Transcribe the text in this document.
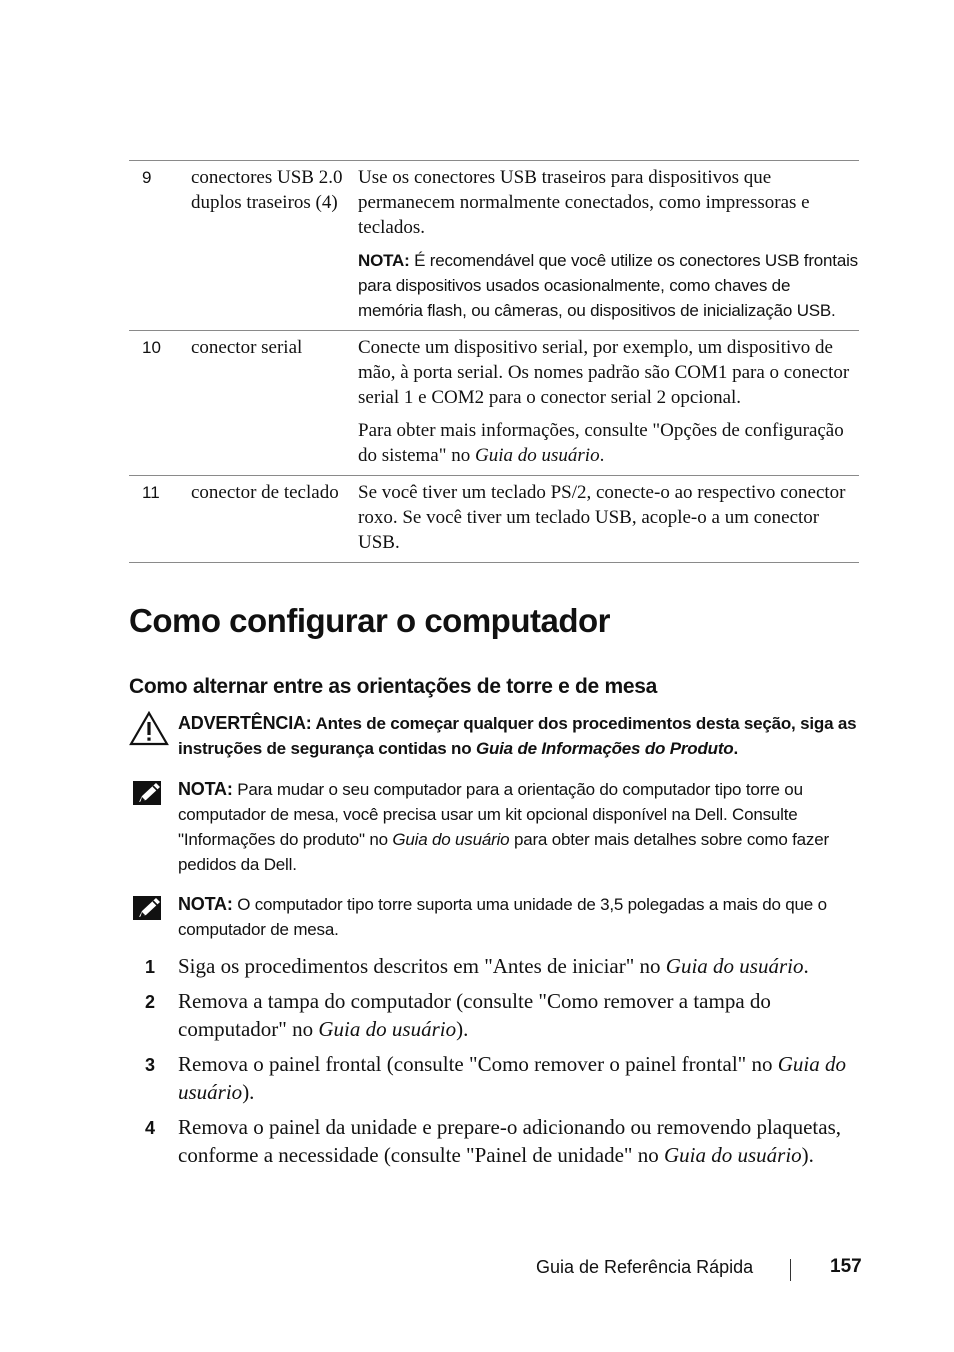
9	conectores USB 2.0 duplos traseiros (4)	Use os conectores USB traseiros para dispositivos que permanecem normalmente conectados, como impressoras e teclados.

NOTA: É recomendável que você utilize os conectores USB frontais para dispositivos usados ocasionalmente, como chaves de memória flash, ou câmeras, ou dispositivos de inicialização USB.

10	conector serial	Conecte um dispositivo serial, por exemplo, um dispositivo de mão, à porta serial. Os nomes padrão são COM1 para o conector serial 1 e COM2 para o conector serial 2 opcional.

Para obter mais informações, consulte "Opções de configuração do sistema" no Guia do usuário.

11	conector de teclado	Se você tiver um teclado PS/2, conecte-o ao respectivo conector roxo. Se você tiver um teclado USB, acople-o a um conector USB.

Como configurar o computador
Como alternar entre as orientações de torre e de mesa
ADVERTÊNCIA: Antes de começar qualquer dos procedimentos desta seção, siga as instruções de segurança contidas no Guia de Informações do Produto.
NOTA: Para mudar o seu computador para a orientação do computador tipo torre ou computador de mesa, você precisa usar um kit opcional disponível na Dell. Consulte "Informações do produto" no Guia do usuário para obter mais detalhes sobre como fazer pedidos da Dell.
NOTA: O computador tipo torre suporta uma unidade de 3,5 polegadas a mais do que o computador de mesa.
1 Siga os procedimentos descritos em "Antes de iniciar" no Guia do usuário.
2 Remova a tampa do computador (consulte "Como remover a tampa do computador" no Guia do usuário).
3 Remova o painel frontal (consulte "Como remover o painel frontal" no Guia do usuário).
4 Remova o painel da unidade e prepare-o adicionando ou removendo plaquetas, conforme a necessidade (consulte "Painel de unidade" no Guia do usuário).
Guia de Referência Rápida	157
